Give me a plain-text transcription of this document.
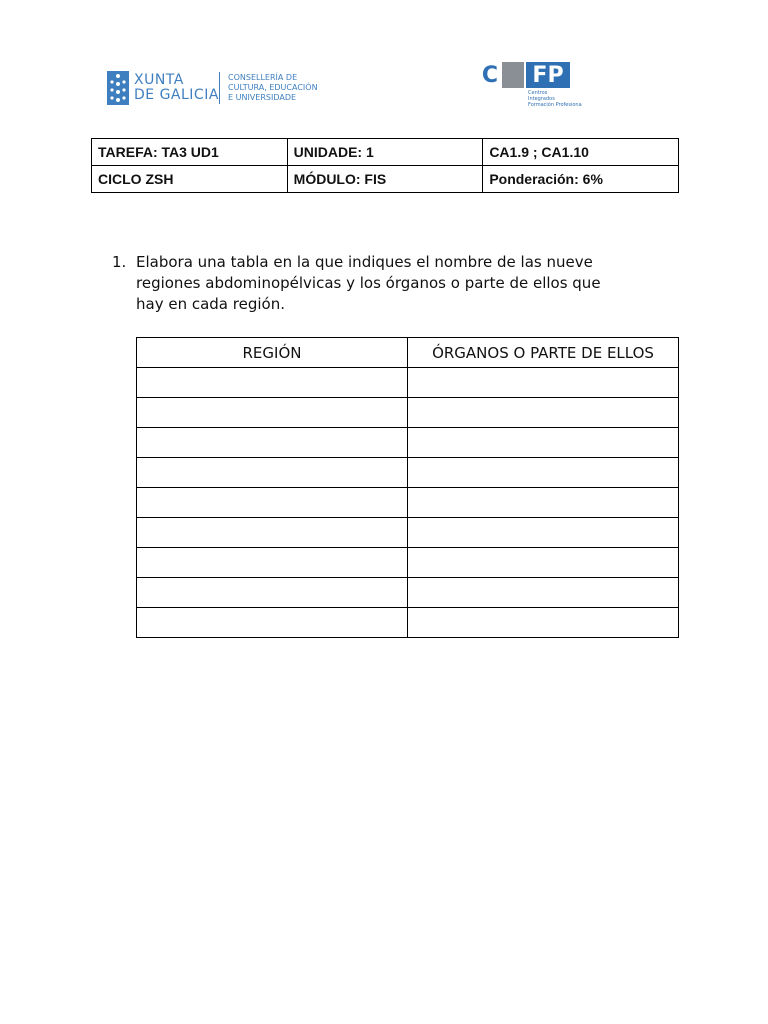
XUNTA
DE GALICIA
CONSELLERÍA DE
CULTURA, EDUCACIÓN
E UNIVERSIDADE
C I FP
Centros
Integrados
Formación Profesiona
TAREFA: TA3 UD1	UNIDADE: 1	CA1.9 ; CA1.10
CICLO ZSH	MÓDULO: FIS	Ponderación: 6%
1. Elabora una tabla en la que indiques el nombre de las nueve
regiones abdominopélvicas y los órganos o parte de ellos que
hay en cada región.
REGIÓN	ÓRGANOS O PARTE DE ELLOS
